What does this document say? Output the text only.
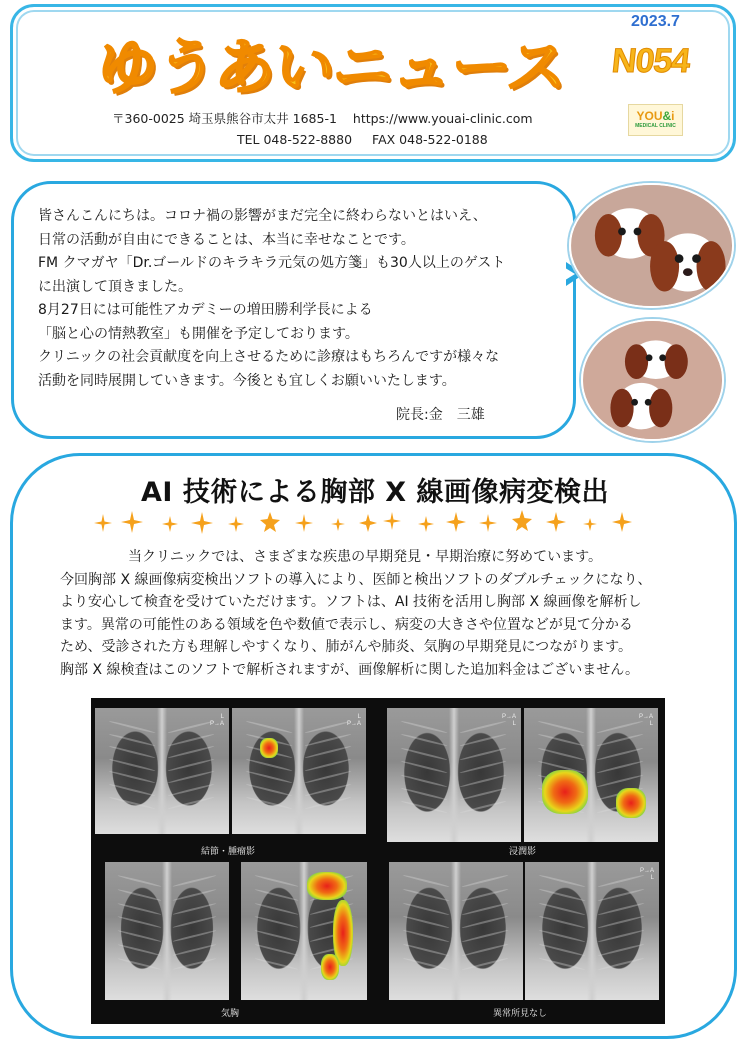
ゆうあいニュース
2023.7
N054
〒360-0025 埼玉県熊谷市太井 1685-1 https://www.youai-clinic.com
TEL 048-522-8880 FAX 048-522-0188
YOU&i
MEDICAL CLINIC
皆さんこんにちは。コロナ禍の影響がまだ完全に終わらないとはいえ、
日常の活動が自由にできることは、本当に幸せなことです。
FM クマガヤ「Dr.ゴールドのキラキラ元気の処方箋」も30人以上のゲスト
に出演して頂きました。
8月27日には可能性アカデミーの増田勝利学長による
「脳と心の情熱教室」も開催を予定しております。
クリニックの社会貢献度を向上させるために診療はもちろんですが様々な
活動を同時展開していきます。今後とも宜しくお願いいたします。
院長:金　三雄
AI 技術による胸部 X 線画像病変検出
当クリニックでは、さまざまな疾患の早期発見・早期治療に努めています。
今回胸部 X 線画像病変検出ソフトの導入により、医師と検出ソフトのダブルチェックになり、
より安心して検査を受けていただけます。ソフトは、AI 技術を活用し胸部 X 線画像を解析し
ます。異常の可能性のある領域を色や数値で表示し、病変の大きさや位置などが見て分かる
ため、受診された方も理解しやすくなり、肺がんや肺炎、気胸の早期発見につながります。
胸部 X 線検査はこのソフトで解析されますが、画像解析に関した追加料金はございません。
L
P→A
L
P→A
結節・腫瘤影
P→A
L
P→A
L
浸潤影
気胸
P→A
L
異常所見なし
